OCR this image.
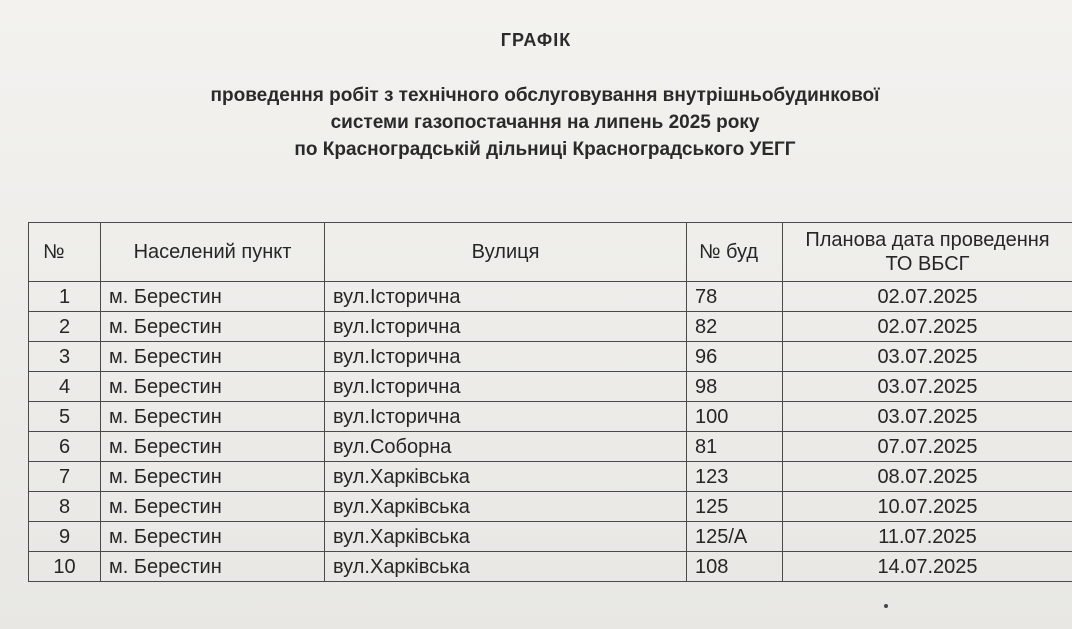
ГРАФІК
проведення робіт з технічного обслуговування внутрішньобудинкової
системи газопостачання на липень 2025 року
по Красноградській дільниці Красноградського УЕГГ
№	Населений пункт	Вулиця	№ буд	Планова дата проведення ТО ВБСГ
1	м. Берестин	вул.Історична	78	02.07.2025
2	м. Берестин	вул.Історична	82	02.07.2025
3	м. Берестин	вул.Історична	96	03.07.2025
4	м. Берестин	вул.Історична	98	03.07.2025
5	м. Берестин	вул.Історична	100	03.07.2025
6	м. Берестин	вул.Соборна	81	07.07.2025
7	м. Берестин	вул.Харківська	123	08.07.2025
8	м. Берестин	вул.Харківська	125	10.07.2025
9	м. Берестин	вул.Харківська	125/А	11.07.2025
10	м. Берестин	вул.Харківська	108	14.07.2025
